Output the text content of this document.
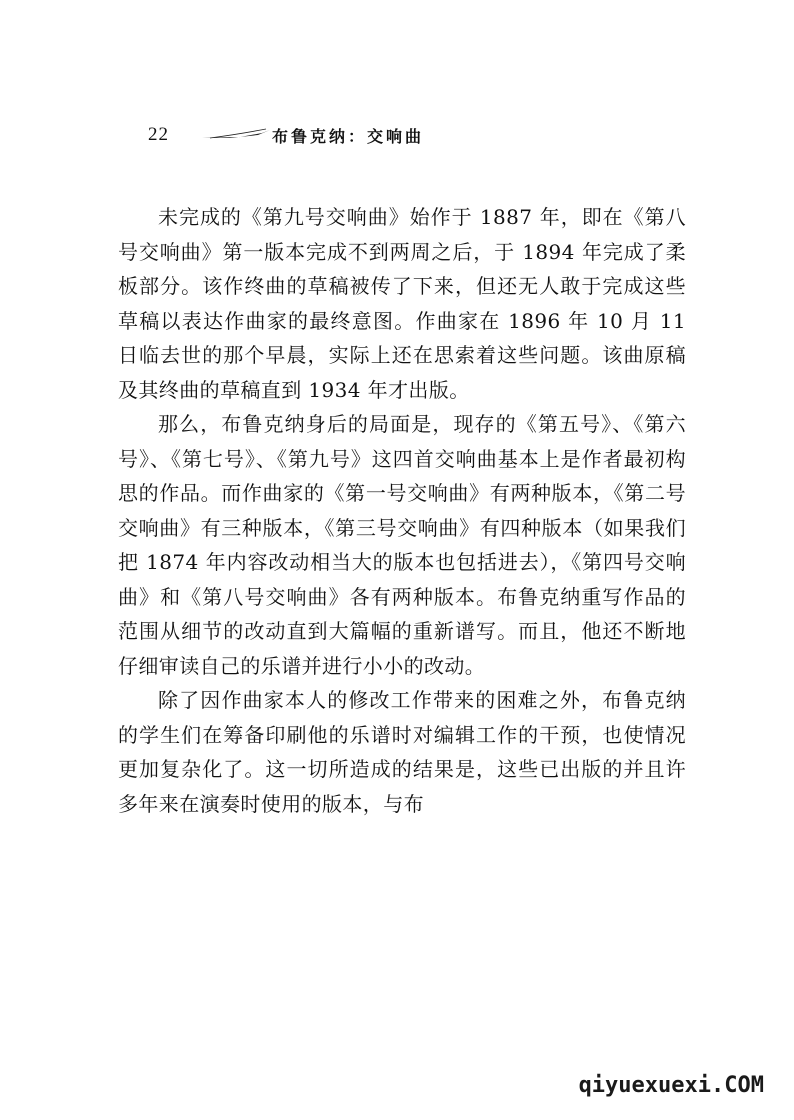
22	布鲁克纳：交响曲

未完成的《第九号交响曲》始作于 1887 年，即在《第八号交响曲》第一版本完成不到两周之后，于 1894 年完成了柔板部分。该作终曲的草稿被传了下来，但还无人敢于完成这些草稿以表达作曲家的最终意图。作曲家在 1896 年 10 月 11 日临去世的那个早晨，实际上还在思索着这些问题。该曲原稿及其终曲的草稿直到 1934 年才出版。

那么，布鲁克纳身后的局面是，现存的《第五号》、《第六号》、《第七号》、《第九号》这四首交响曲基本上是作者最初构思的作品。而作曲家的《第一号交响曲》有两种版本，《第二号交响曲》有三种版本，《第三号交响曲》有四种版本（如果我们把 1874 年内容改动相当大的版本也包括进去），《第四号交响曲》和《第八号交响曲》各有两种版本。布鲁克纳重写作品的范围从细节的改动直到大篇幅的重新谱写。而且，他还不断地仔细审读自己的乐谱并进行小小的改动。

除了因作曲家本人的修改工作带来的困难之外，布鲁克纳的学生们在筹备印刷他的乐谱时对编辑工作的干预，也使情况更加复杂化了。这一切所造成的结果是，这些已出版的并且许多年来在演奏时使用的版本，与布

qiyuexuexi.COM
